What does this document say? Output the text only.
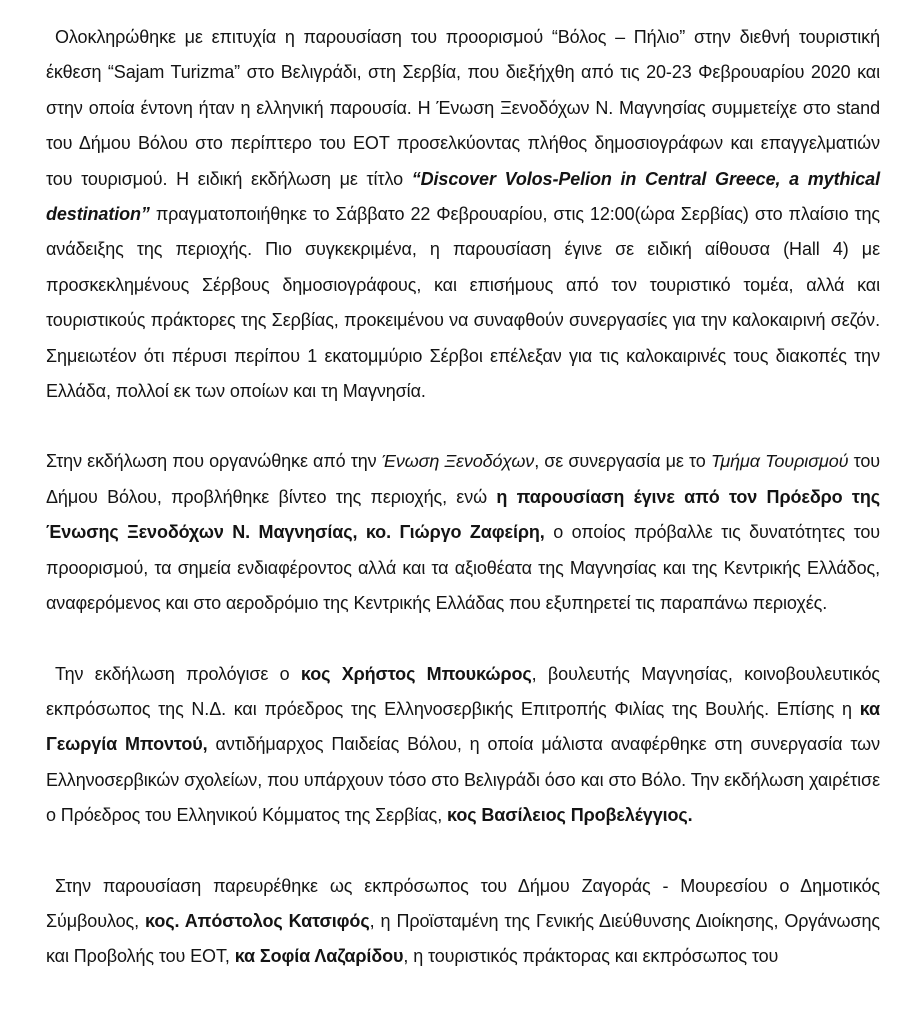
Ολοκληρώθηκε με επιτυχία η παρουσίαση του προορισμού “Βόλος – Πήλιο” στην διεθνή τουριστική έκθεση “Sajam Turizma” στο Βελιγράδι, στη Σερβία, που διεξήχθη από τις 20-23 Φεβρουαρίου 2020 και στην οποία έντονη ήταν η ελληνική παρουσία. Η Ένωση Ξενοδόχων Ν. Μαγνησίας συμμετείχε στο stand του Δήμου Βόλου στο περίπτερο του ΕΟΤ προσελκύοντας πλήθος δημοσιογράφων και επαγγελματιών του τουρισμού. Η ειδική εκδήλωση με τίτλο “Discover Volos-Pelion in Central Greece, a mythical destination” πραγματοποιήθηκε το Σάββατο 22 Φεβρουαρίου, στις 12:00(ώρα Σερβίας) στο πλαίσιο της ανάδειξης της περιοχής. Πιο συγκεκριμένα, η παρουσίαση έγινε σε ειδική αίθουσα (Hall 4) με προσκεκλημένους Σέρβους δημοσιογράφους, και επισήμους από τον τουριστικό τομέα, αλλά και τουριστικούς πράκτορες της Σερβίας, προκειμένου να συναφθούν συνεργασίες για την καλοκαιρινή σεζόν. Σημειωτέον ότι πέρυσι περίπου 1 εκατομμύριο Σέρβοι επέλεξαν για τις καλοκαιρινές τους διακοπές την Ελλάδα, πολλοί εκ των οποίων και τη Μαγνησία.

Στην εκδήλωση που οργανώθηκε από την Ένωση Ξενοδόχων, σε συνεργασία με το Τμήμα Τουρισμού του Δήμου Βόλου, προβλήθηκε βίντεο της περιοχής, ενώ η παρουσίαση έγινε από τον Πρόεδρο της Ένωσης Ξενοδόχων Ν. Μαγνησίας, κο. Γιώργο Ζαφείρη, ο οποίος πρόβαλλε τις δυνατότητες του προορισμού, τα σημεία ενδιαφέροντος αλλά και τα αξιοθέατα της Μαγνησίας και της Κεντρικής Ελλάδος, αναφερόμενος και στο αεροδρόμιο της Κεντρικής Ελλάδας που εξυπηρετεί τις παραπάνω περιοχές.

Την εκδήλωση προλόγισε ο κος Χρήστος Μπουκώρος, βουλευτής Μαγνησίας, κοινοβουλευτικός εκπρόσωπος της Ν.Δ. και πρόεδρος της Ελληνοσερβικής Επιτροπής Φιλίας της Βουλής. Επίσης η κα Γεωργία Μποντού, αντιδήμαρχος Παιδείας Βόλου, η οποία μάλιστα αναφέρθηκε στη συνεργασία των Ελληνοσερβικών σχολείων, που υπάρχουν τόσο στο Βελιγράδι όσο και στο Βόλο. Την εκδήλωση χαιρέτισε ο Πρόεδρος του Ελληνικού Κόμματος της Σερβίας, κος Βασίλειος Προβελέγγιος.

Στην παρουσίαση παρευρέθηκε ως εκπρόσωπος του Δήμου Ζαγοράς - Μουρεσίου ο Δημοτικός Σύμβουλος, κος. Απόστολος Κατσιφός, η Προϊσταμένη της Γενικής Διεύθυνσης Διοίκησης, Οργάνωσης και Προβολής του ΕΟΤ, κα Σοφία Λαζαρίδου, η τουριστικός πράκτορας και εκπρόσωπος του
